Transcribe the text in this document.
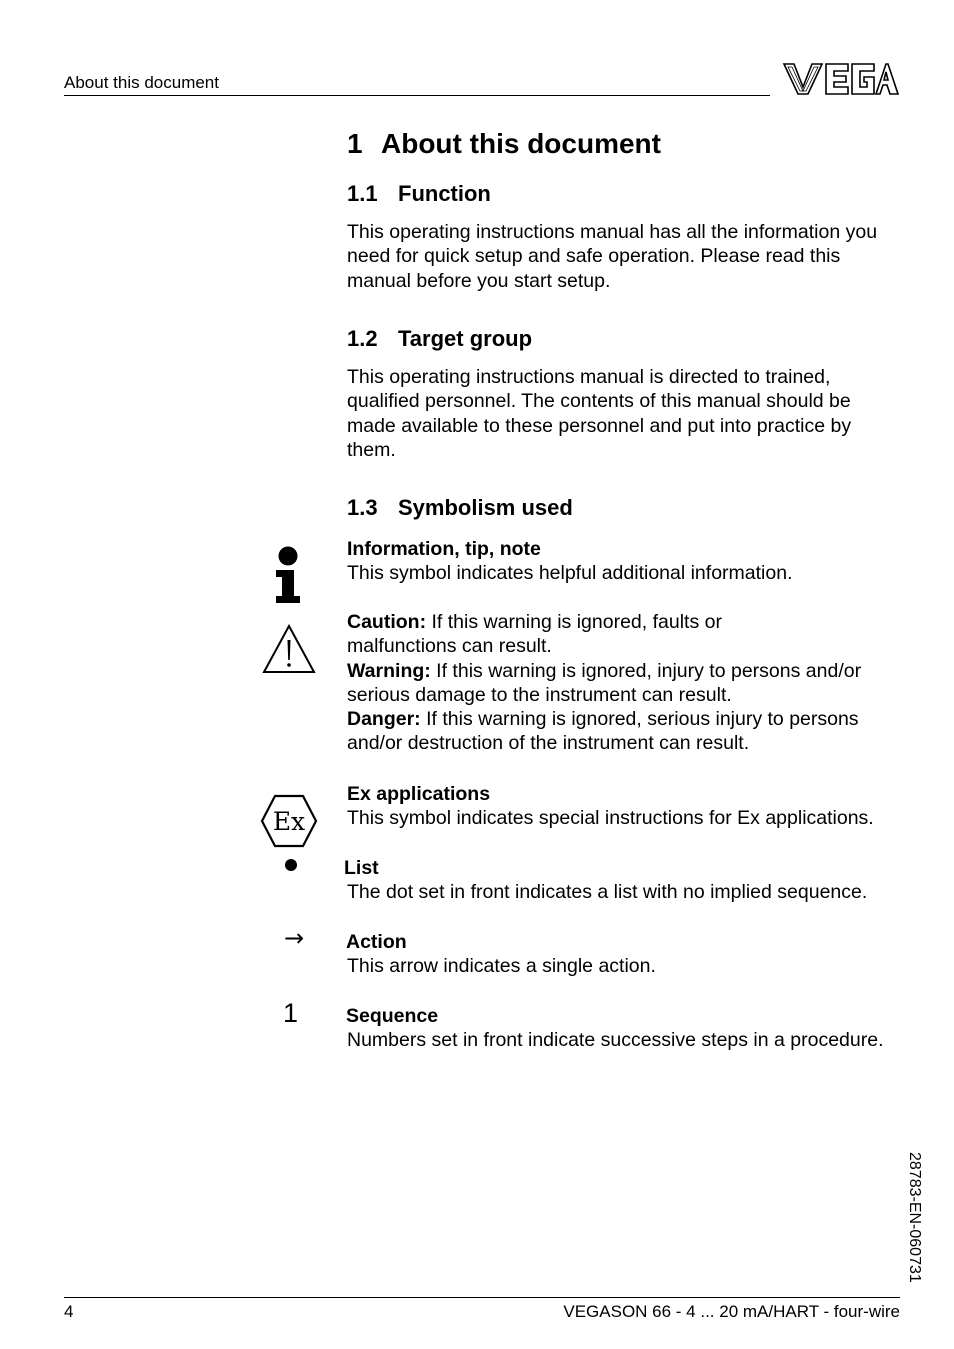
About this document
VEGA
1 About this document
1.1 Function
This operating instructions manual has all the information you
need for quick setup and safe operation. Please read this
manual before you start setup.
1.2 Target group
This operating instructions manual is directed to trained,
qualified personnel. The contents of this manual should be
made available to these personnel and put into practice by
them.
1.3 Symbolism used
Information, tip, note
This symbol indicates helpful additional information.
Caution: If this warning is ignored, faults or
malfunctions can result.
Warning: If this warning is ignored, injury to persons and/or
serious damage to the instrument can result.
Danger: If this warning is ignored, serious injury to persons
and/or destruction of the instrument can result.
Ex
Ex applications
This symbol indicates special instructions for Ex applications.
List
The dot set in front indicates a list with no implied sequence.
→ Action
This arrow indicates a single action.
1 Sequence
Numbers set in front indicate successive steps in a procedure.
28783-EN-060731
4	VEGASON 66 - 4 ... 20 mA/HART - four-wire
